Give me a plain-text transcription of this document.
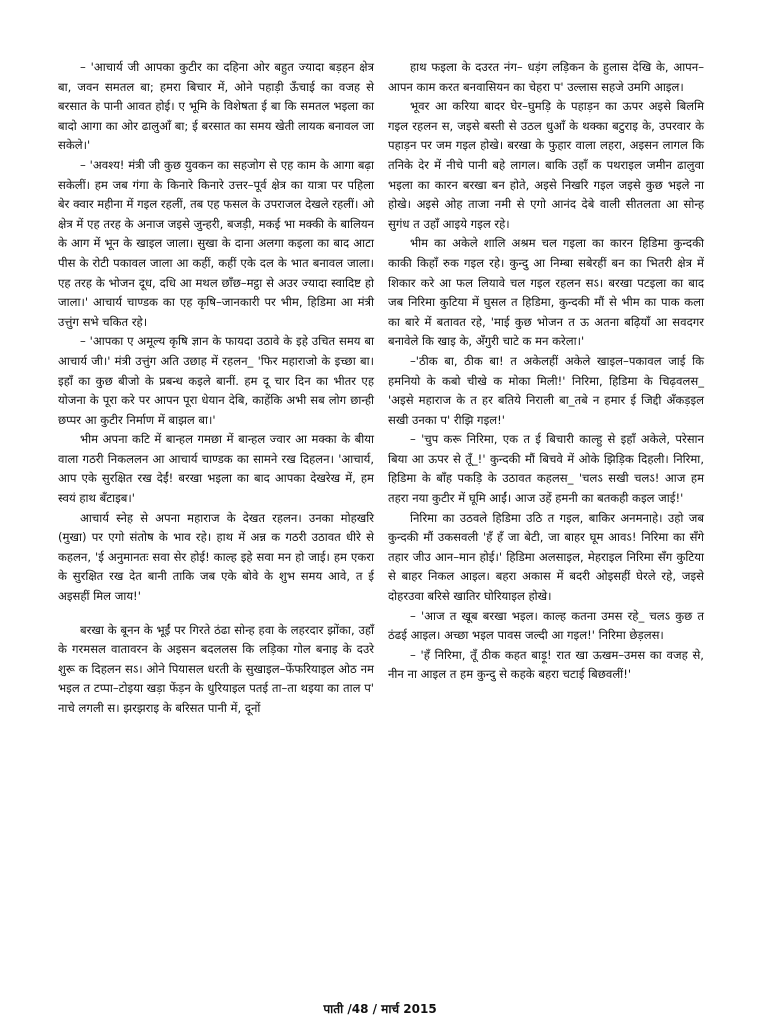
– 'आचार्य जी आपका कुटीर का दहिना ओर बहुत ज्यादा बड़हन क्षेत्र बा, जवन समतल बा; हमरा बिचार में, ओने पहाड़ी ऊँचाई का वजह से बरसात के पानी आवत होई। ए भूमि के विशेषता ई बा कि समतल भइला का बादो आगा का ओर ढालुआँ बा; ई बरसात का समय खेती लायक बनावल जा सकेले।'

– 'अवश्य! मंत्री जी कुछ युवकन का सहजोग से एह काम के आगा बढ़ा सकेलीं। हम जब गंगा के किनारे किनारे उत्तर–पूर्व क्षेत्र का यात्रा पर पहिला बेर क्वार महीना में गइल रहलीं, तब एह फसल के उपराजल देखले रहलीं। ओ क्षेत्र में एह तरह के अनाज जइसे जुन्हरी, बजड़ी, मकई भा मक्की के बालियन के आग में भून के खाइल जाला। सुखा के दाना अलगा कइला का बाद आटा पीस के रोटी पकावल जाला आ कहीं, कहीं एके दल के भात बनावल जाला। एह तरह के भोजन दूध, दधि आ मथल छाँछ–मट्ठा से अउर ज्यादा स्वादिष्ट हो जाला।' आचार्य चाण्डक का एह कृषि–जानकारी पर भीम, हिडिमा आ मंत्री उत्तुंग सभे चकित रहे।

– 'आपका ए अमूल्य कृषि ज्ञान के फायदा उठावे के इहे उचित समय बा आचार्य जी।' मंत्री उत्तुंग अति उछाह में रहलन_ 'फिर महाराजो के इच्छा बा। इहाँ का कुछ बीजो के प्रबन्ध कइले बानीं. हम दू चार दिन का भीतर एह योजना के पूरा करे पर आपन पूरा धेयान देबि, काहेंकि अभी सब लोग छान्ही छप्पर आ कुटीर निर्माण में बाझल बा।'

भीम अपना कटि में बान्हल गमछा में बान्हल ज्वार आ मक्का के बीया वाला गठरी निकललन आ आचार्य चाण्डक का सामने रख दिहलन। 'आचार्य, आप एके सुरक्षित रख देईं! बरखा भइला का बाद आपका देखरेख में, हम स्वयं हाथ बँटाइब।'

आचार्य स्नेह से अपना महाराज के देखत रहलन। उनका मोहखरि (मुखा) पर एगो संतोष के भाव रहे। हाथ में अन्न क गठरी उठावत धीरे से कहलन, 'ई अनुमानतः सवा सेर होई! काल्ह इहे सवा मन हो जाई। हम एकरा के सुरक्षित रख देत बानी ताकि जब एके बोवे के शुभ समय आवे, त ई अइसहीं मिल जाय!'

बरखा के बूनन के भूईं पर गिरते ठंढा सोन्ह हवा के लहरदार झोंका, उहाँ के गरमसल वातावरन के अइसन बदललस कि लड़िका गोल बनाइ के दउरे शुरू क दिहलन सऽ। ओने पियासल धरती के सुखाइल–फेंफरियाइल ओठ नम भइल त टप्पा–टोइया खड़ा फेंड़न के धुरियाइल पतई ता–ता थइया का ताल प' नाचे लगली स। झरझराइ के बरिसत पानी में, दूनों

हाथ फइला के दउरत नंग– धड़ंग लड़िकन के हुलास देखि के, आपन–आपन काम करत बनवासियन का चेहरा प' उल्लास सहजे उमगि आइल।

भूवर आ करिया बादर घेर–घुमड़ि के पहाड़न का ऊपर अइसे बिलमि गइल रहलन स, जइसे बस्ती से उठल धुआँ के थक्का बटुराइ के, उपरवार के पहाड़न पर जम गइल होखे। बरखा के फुहार वाला लहरा, अइसन लागल कि तनिके देर में नीचे पानी बहे लागल। बाकि उहाँ क पथराइल जमीन ढालुवा भइला का कारन बरखा बन होते, अइसे निखरि गइल जइसे कुछ भइले ना होखे। अइसे ओह ताजा नमी से एगो आनंद देबे वाली सीतलता आ सोन्ह सुगंध त उहाँ आइये गइल रहे।

भीम का अकेले शालि अश्रम चल गइला का कारन हिडिमा कुन्दकी काकी किहाँ रुक गइल रहे। कुन्दु आ निम्बा सबेरहीं बन का भितरी क्षेत्र में शिकार करे आ फल लियावे चल गइल रहलन सऽ। बरखा पटइला का बाद जब निरिमा कुटिया में घुसल त हिडिमा, कुन्दकी मौं से भीम का पाक कला का बारे में बतावत रहे, 'माई कुछ भोजन त ऊ अतना बढ़ियाँ आ सवदगर बनावेले कि खाइ के, अँगुरी चाटे क मन करेला।'

–'ठीक बा, ठीक बा! त अकेलहीं अकेले खाइल–पकावल जाई कि हमनियो के कबो चीखे क मोका मिली!' निरिमा, हिडिमा के चिढ़वलस_ 'अइसे महाराज के त हर बतिये निराली बा_तबे न हमार ई जिद्दी अँकड़इल सखी उनका प' रीझि गइल!'

– 'चुप करू निरिमा, एक त ई बिचारी काल्हु से इहाँ अकेले, परेसान बिया आ ऊपर से तूँ_!' कुन्दकी मौं बिचवे में ओके झिड़िक दिहली। निरिमा, हिडिमा के बाँह पकड़ि के उठावत कहलस_ 'चलऽ सखी चलऽ! आज हम तहरा नया कुटीर में घूमि आईं। आज उहें हमनी का बतकही कइल जाई!'

निरिमा का उठवले हिडिमा उठि त गइल, बाकिर अनमनाहे। उहो जब कुन्दकी मौं उकसवली 'हँ हँ जा बेटी, जा बाहर घूम आवऽ! निरिमा का सँगे तहार जीउ आन–मान होई।' हिडिमा अलसाइल, मेहराइल निरिमा सँग कुटिया से बाहर निकल आइल। बहरा अकास में बदरी ओइसहीं घेरले रहे, जइसे दोहरउवा बरिसे खातिर घोरियाइल होखे।

– 'आज त खूब बरखा भइल। काल्ह कतना उमस रहे_ चलऽ कुछ त ठंढई आइल। अच्छा भइल पावस जल्दी आ गइल!' निरिमा छेड़लस।

– 'हँ निरिमा, तूँ ठीक कहत बाड़ू! रात खा ऊखम–उमस का वजह से, नीन ना आइल त हम कुन्दु से कहके बहरा चटाई बिछवलीं!'

पाती /48 / मार्च 2015
